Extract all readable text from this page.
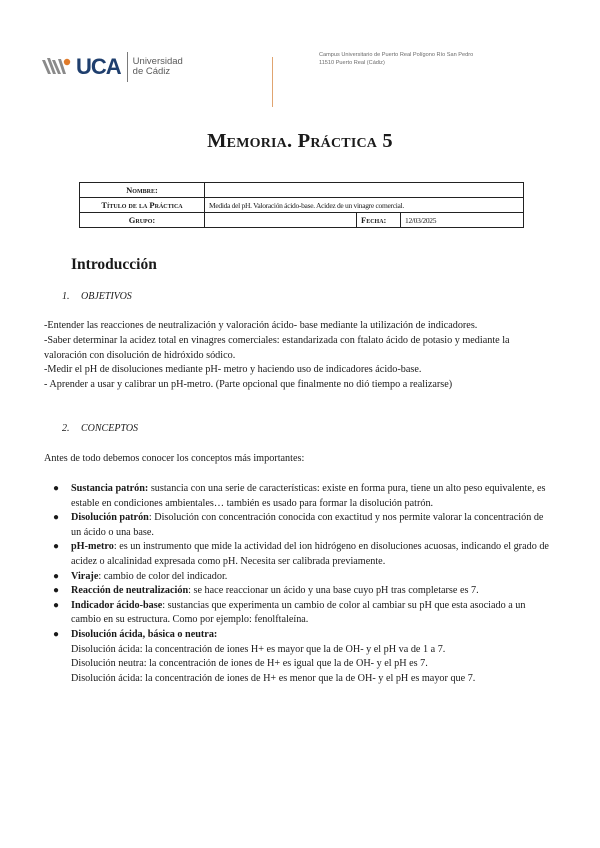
UCA Universidad
de Cádiz
Campus Universitario de Puerto Real Polígono Río San Pedro
11510 Puerto Real (Cádiz)
Memoria. Práctica 5
Nombre:			
Título de la Práctica	Medida del pH. Valoración ácido-base. Acidez de un vinagre comercial.		
Grupo:		Fecha:	12/03/2025
Introducción
1. OBJETIVOS
-Entender las reacciones de neutralización y valoración ácido- base mediante la utilización de indicadores.
-Saber determinar la acidez total en vinagres comerciales: estandarizada con ftalato ácido de potasio y mediante la valoración con disolución de hidróxido sódico.
-Medir el pH de disoluciones mediante pH- metro y haciendo uso de indicadores ácido-base.
- Aprender a usar y calibrar un pH-metro. (Parte opcional que finalmente no dió tiempo a realizarse)
2. CONCEPTOS
Antes de todo debemos conocer los conceptos más importantes:
● Sustancia patrón: sustancia con una serie de características: existe en forma pura, tiene un alto peso equivalente, es estable en condiciones ambientales… también es usado para formar la disolución patrón.
● Disolución patrón: Disolución con concentración conocida con exactitud y nos permite valorar la concentración de un ácido o una base.
● pH-metro: es un instrumento que mide la actividad del ion hidrógeno en disoluciones acuosas, indicando el grado de acidez o alcalinidad expresada como pH. Necesita ser calibrada previamente.
● Viraje: cambio de color del indicador.
● Reacción de neutralización: se hace reaccionar un ácido y una base cuyo pH tras completarse es 7.
● Indicador ácido-base: sustancias que experimenta un cambio de color al cambiar su pH que esta asociado a un cambio en su estructura. Como por ejemplo: fenolftaleína.
● Disolución ácida, básica o neutra:
Disolución ácida: la concentración de iones H+ es mayor que la de OH- y el pH va de 1 a 7.
Disolución neutra: la concentración de iones de H+ es igual que la de OH- y el pH es 7.
Disolución ácida: la concentración de iones de H+ es menor que la de OH- y el pH es mayor que 7.
